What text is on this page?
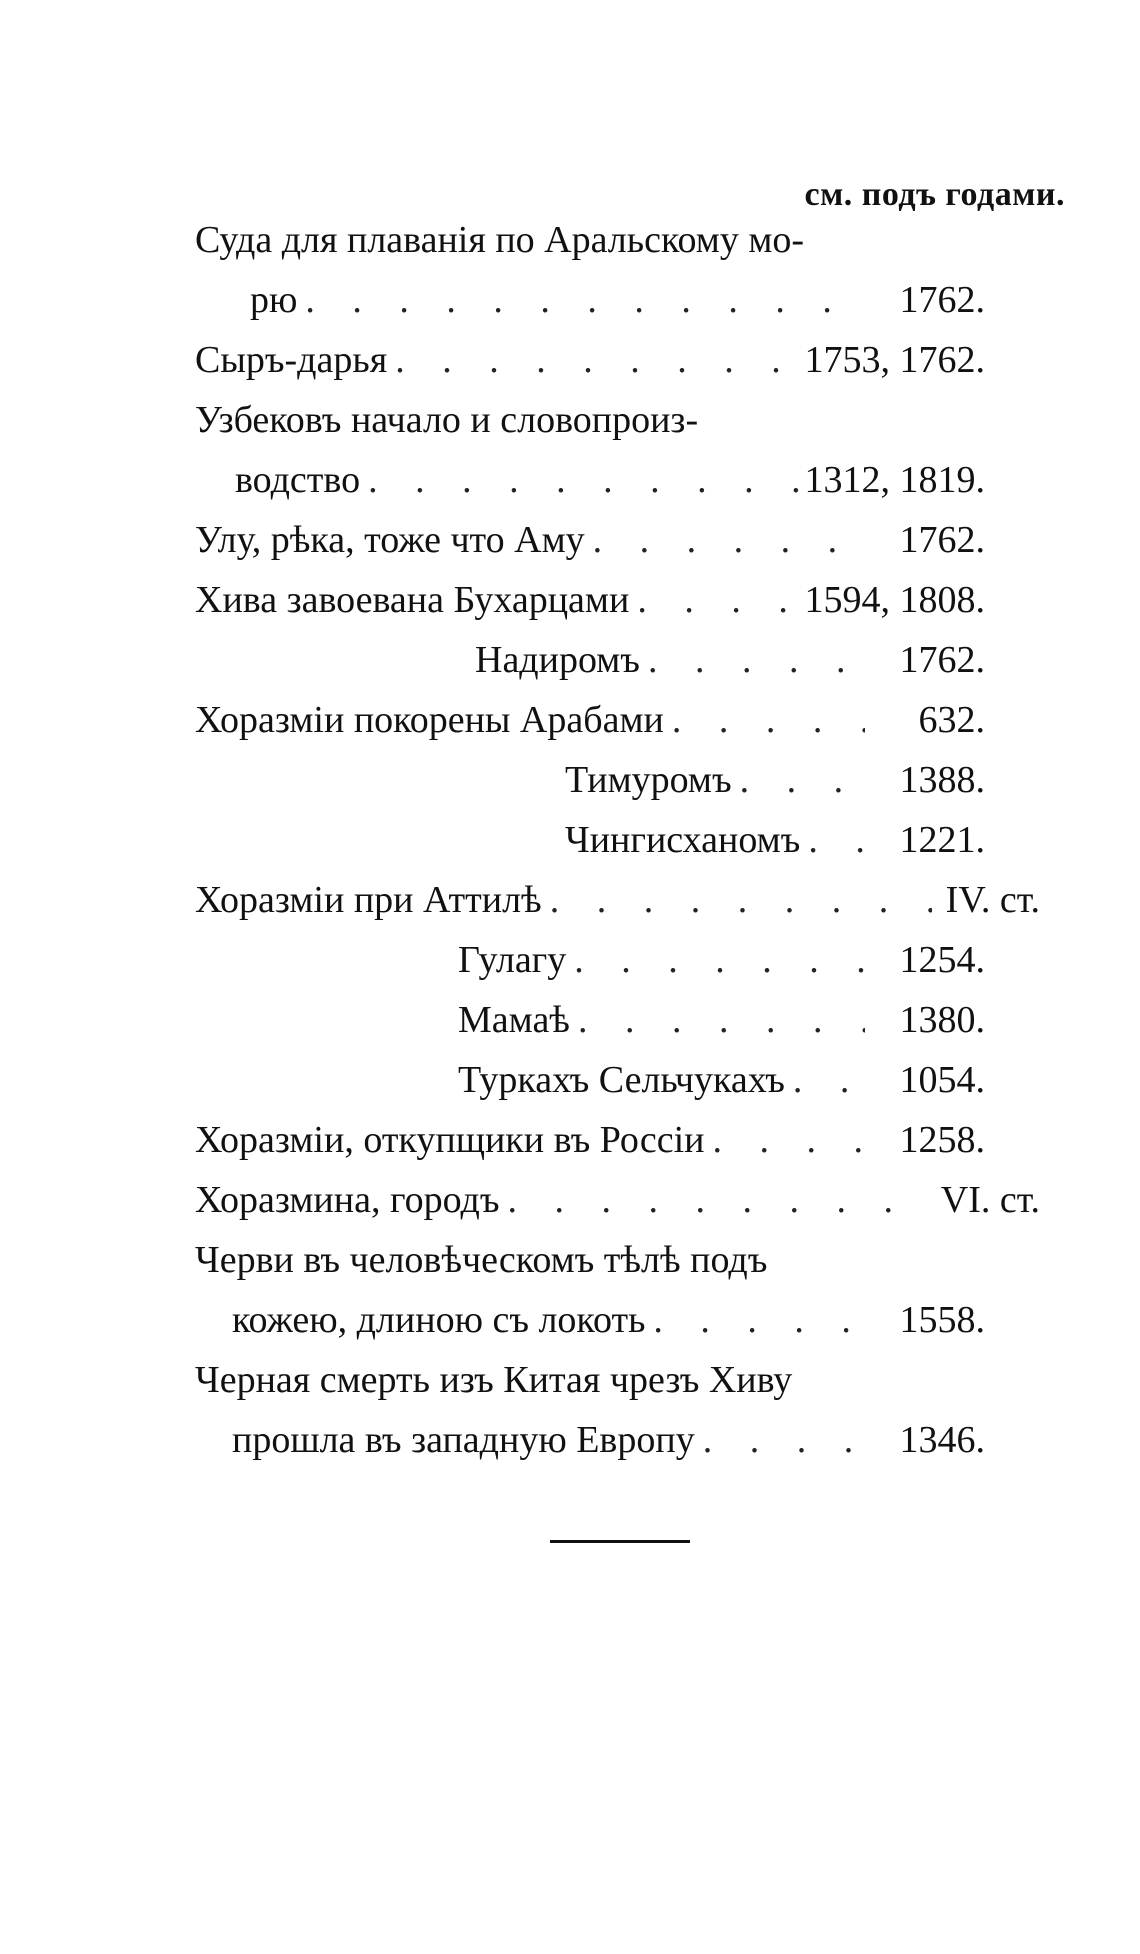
см. подъ годами.
Суда для плаванія по Аральскому мо-
рю . . .	1762.
Сыръ-дарья . . .	1753, 1762.
Узбековъ начало и словопроиз-
водство . . .	1312, 1819.
Улу, рѣка, тоже что Аму . . .	1762.
Хива завоевана Бухарцами . . .	1594, 1808.
Надиромъ . . .	1762.
Хоразміи покорены Арабами . . .	632.
Тимуромъ . . .	1388.
Чингисханомъ . . .	1221.
Хоразміи при Аттилѣ . . .	IV. ст.
Гулагу . . .	1254.
Мамаѣ . . .	1380.
Туркахъ Сельчукахъ . . .	1054.
Хоразміи, откупщики въ Россіи . . .	1258.
Хоразмина, городъ . . .	VI. ст.
Черви въ человѣческомъ тѣлѣ подъ
кожею, длиною съ локоть . . .	1558.
Черная смерть изъ Китая чрезъ Хиву
прошла въ западную Европу . . .	1346.
